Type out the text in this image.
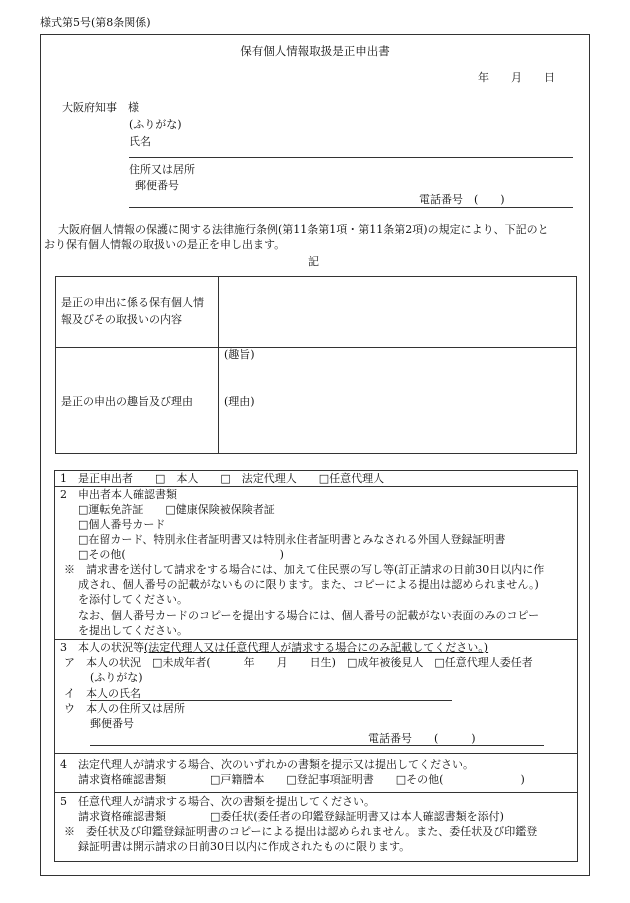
様式第5号(第8条関係)
保有個人情報取扱是正申出書
年　　月　　日
大阪府知事　様
(ふりがな)
氏名
住所又は居所
郵便番号
電話番号　(　　)
大阪府個人情報の保護に関する法律施行条例(第11条第1項・第11条第2項)の規定により、下記のと
おり保有個人情報の取扱いの是正を申し出ます。
記
是正の申出に係る保有個人情
報及びその取扱いの内容
是正の申出の趣旨及び理由
(趣旨)
(理由)
1　是正申出者　　□　本人　　□　法定代理人　　□任意代理人
2　申出者本人確認書類
□運転免許証　　□健康保険被保険者証
□個人番号カード
□在留カード、特別永住者証明書又は特別永住者証明書とみなされる外国人登録証明書
□その他(　　　　　　　　　　　　　　)
※　請求書を送付して請求をする場合には、加えて住民票の写し等(訂正請求の日前30日以内に作
成され、個人番号の記載がないものに限ります。また、コピーによる提出は認められません。)
を添付してください。
なお、個人番号カードのコピーを提出する場合には、個人番号の記載がない表面のみのコピー
を提出してください。
3　本人の状況等(法定代理人又は任意代理人が請求する場合にのみ記載してください。)
ア　本人の状況　□未成年者(　　　年　　月　　日生)　□成年被後見人　□任意代理人委任者
(ふりがな)
イ　本人の氏名
ウ　本人の住所又は居所
郵便番号
電話番号　　(　　　)
4　法定代理人が請求する場合、次のいずれかの書類を提示又は提出してください。
請求資格確認書類　　　　□戸籍謄本　　□登記事項証明書　　□その他(　　　　　　　)
5　任意代理人が請求する場合、次の書類を提出してください。
請求資格確認書類　　　　□委任状(委任者の印鑑登録証明書又は本人確認書類を添付)
※　委任状及び印鑑登録証明書のコピーによる提出は認められません。また、委任状及び印鑑登
録証明書は開示請求の日前30日以内に作成されたものに限ります。
